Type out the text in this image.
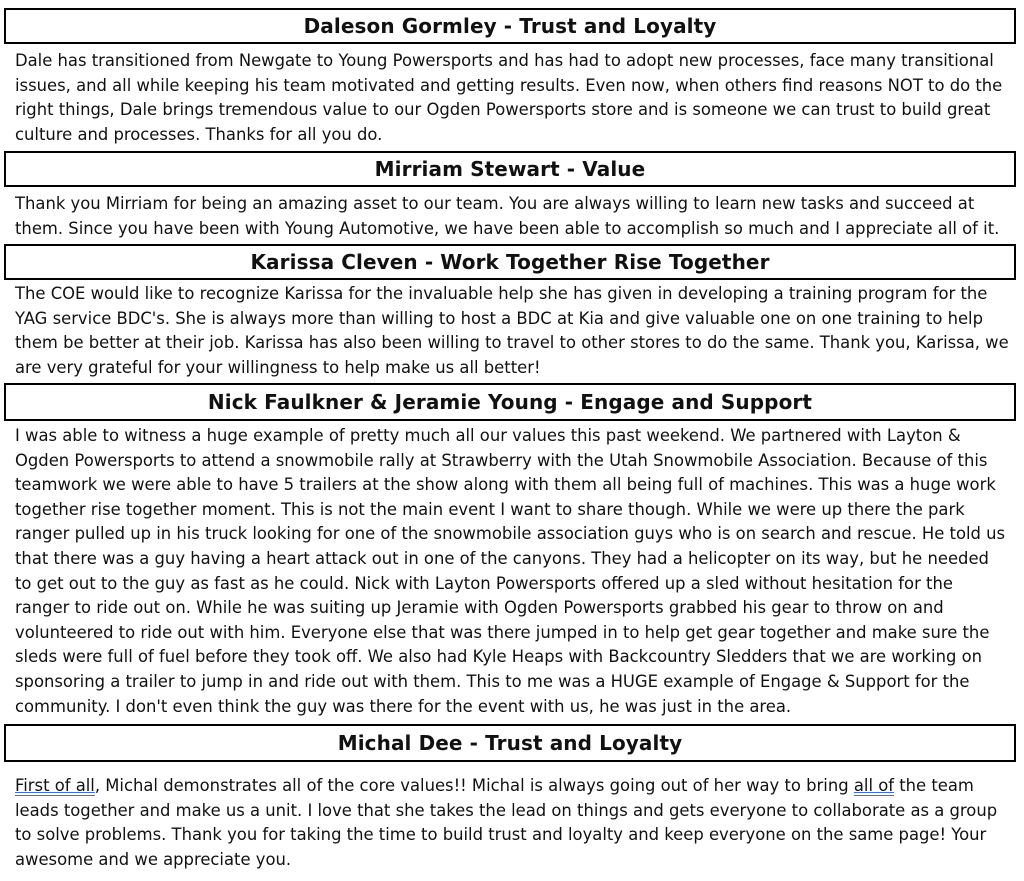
Daleson Gormley - Trust and Loyalty
Dale has transitioned from Newgate to Young Powersports and has had to adopt new processes, face many transitional
issues, and all while keeping his team motivated and getting results. Even now, when others find reasons NOT to do the
right things, Dale brings tremendous value to our Ogden Powersports store and is someone we can trust to build great
culture and processes. Thanks for all you do.
Mirriam Stewart - Value
Thank you Mirriam for being an amazing asset to our team. You are always willing to learn new tasks and succeed at
them. Since you have been with Young Automotive, we have been able to accomplish so much and I appreciate all of it.
Karissa Cleven - Work Together Rise Together
The COE would like to recognize Karissa for the invaluable help she has given in developing a training program for the
YAG service BDC's. She is always more than willing to host a BDC at Kia and give valuable one on one training to help
them be better at their job. Karissa has also been willing to travel to other stores to do the same. Thank you, Karissa, we
are very grateful for your willingness to help make us all better!
Nick Faulkner & Jeramie Young - Engage and Support
I was able to witness a huge example of pretty much all our values this past weekend. We partnered with Layton &
Ogden Powersports to attend a snowmobile rally at Strawberry with the Utah Snowmobile Association. Because of this
teamwork we were able to have 5 trailers at the show along with them all being full of machines. This was a huge work
together rise together moment. This is not the main event I want to share though. While we were up there the park
ranger pulled up in his truck looking for one of the snowmobile association guys who is on search and rescue. He told us
that there was a guy having a heart attack out in one of the canyons. They had a helicopter on its way, but he needed
to get out to the guy as fast as he could. Nick with Layton Powersports offered up a sled without hesitation for the
ranger to ride out on. While he was suiting up Jeramie with Ogden Powersports grabbed his gear to throw on and
volunteered to ride out with him. Everyone else that was there jumped in to help get gear together and make sure the
sleds were full of fuel before they took off. We also had Kyle Heaps with Backcountry Sledders that we are working on
sponsoring a trailer to jump in and ride out with them. This to me was a HUGE example of Engage & Support for the
community. I don't even think the guy was there for the event with us, he was just in the area.
Michal Dee - Trust and Loyalty
First of all, Michal demonstrates all of the core values!! Michal is always going out of her way to bring all of the team
leads together and make us a unit. I love that she takes the lead on things and gets everyone to collaborate as a group
to solve problems. Thank you for taking the time to build trust and loyalty and keep everyone on the same page! Your
awesome and we appreciate you.
